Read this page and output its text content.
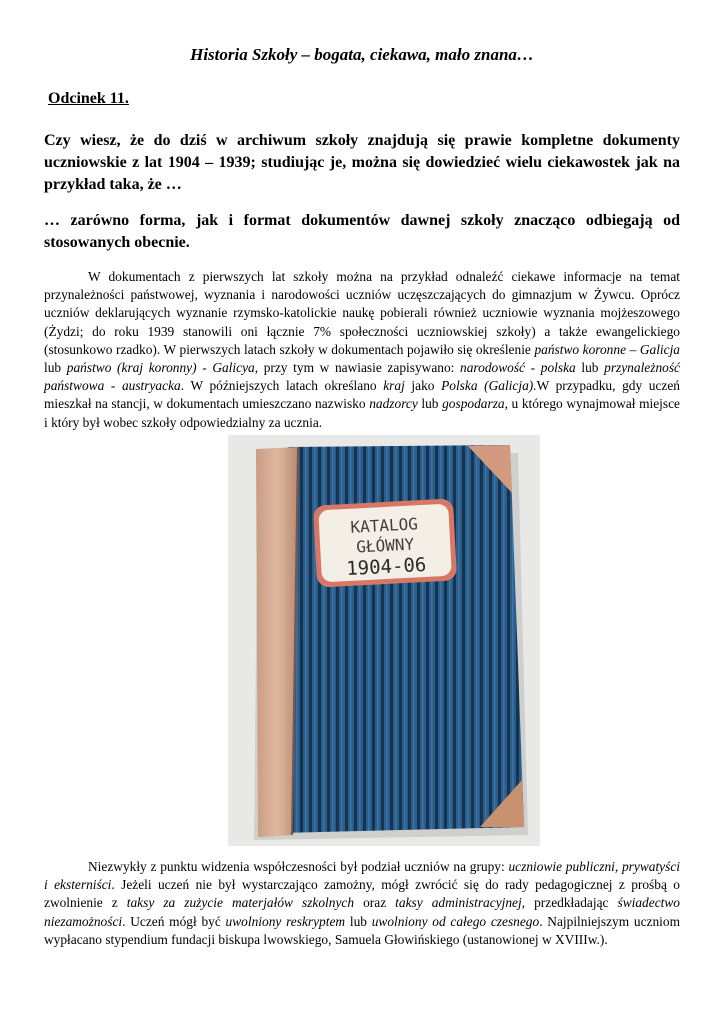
Historia Szkoły – bogata, ciekawa, mało znana…
Odcinek 11.
Czy wiesz, że do dziś w archiwum szkoły znajdują się prawie kompletne dokumenty uczniowskie z lat 1904 – 1939; studiując je, można się dowiedzieć wielu ciekawostek jak na przykład taka, że …
… zarówno forma, jak i format dokumentów dawnej szkoły znacząco odbiegają od stosowanych obecnie.
W dokumentach z pierwszych lat szkoły można na przykład odnaleźć ciekawe informacje na temat przynależności państwowej, wyznania i narodowości uczniów uczęszczających do gimnazjum w Żywcu. Oprócz uczniów deklarujących wyznanie rzymsko-katolickie naukę pobierali również uczniowie wyznania mojżeszowego (Żydzi; do roku 1939 stanowili oni łącznie 7% społeczności uczniowskiej szkoły) a także ewangelickiego (stosunkowo rzadko). W pierwszych latach szkoły w dokumentach pojawiło się określenie państwo koronne – Galicja lub państwo (kraj koronny) - Galicya, przy tym w nawiasie zapisywano: narodowość - polska lub przynależność państwowa - austryacka. W późniejszych latach określano kraj jako Polska (Galicja).W przypadku, gdy uczeń mieszkał na stancji, w dokumentach umieszczano nazwisko nadzorcy lub gospodarza, u którego wynajmował miejsce i który był wobec szkoły odpowiedzialny za ucznia.
KATALOG
GŁÓWNY
1904-06
Niezwykły z punktu widzenia współczesności był podział uczniów na grupy: uczniowie publiczni, prywatyści i eksterniści. Jeżeli uczeń nie był wystarczająco zamożny, mógł zwrócić się do rady pedagogicznej z prośbą o zwolnienie z taksy za zużycie materjałów szkolnych oraz taksy administracyjnej, przedkładając świadectwo niezamożności. Uczeń mógł być uwolniony reskryptem lub uwolniony od całego czesnego. Najpilniejszym uczniom wypłacano stypendium fundacji biskupa lwowskiego, Samuela Głowińskiego (ustanowionej w XVIIIw.).
